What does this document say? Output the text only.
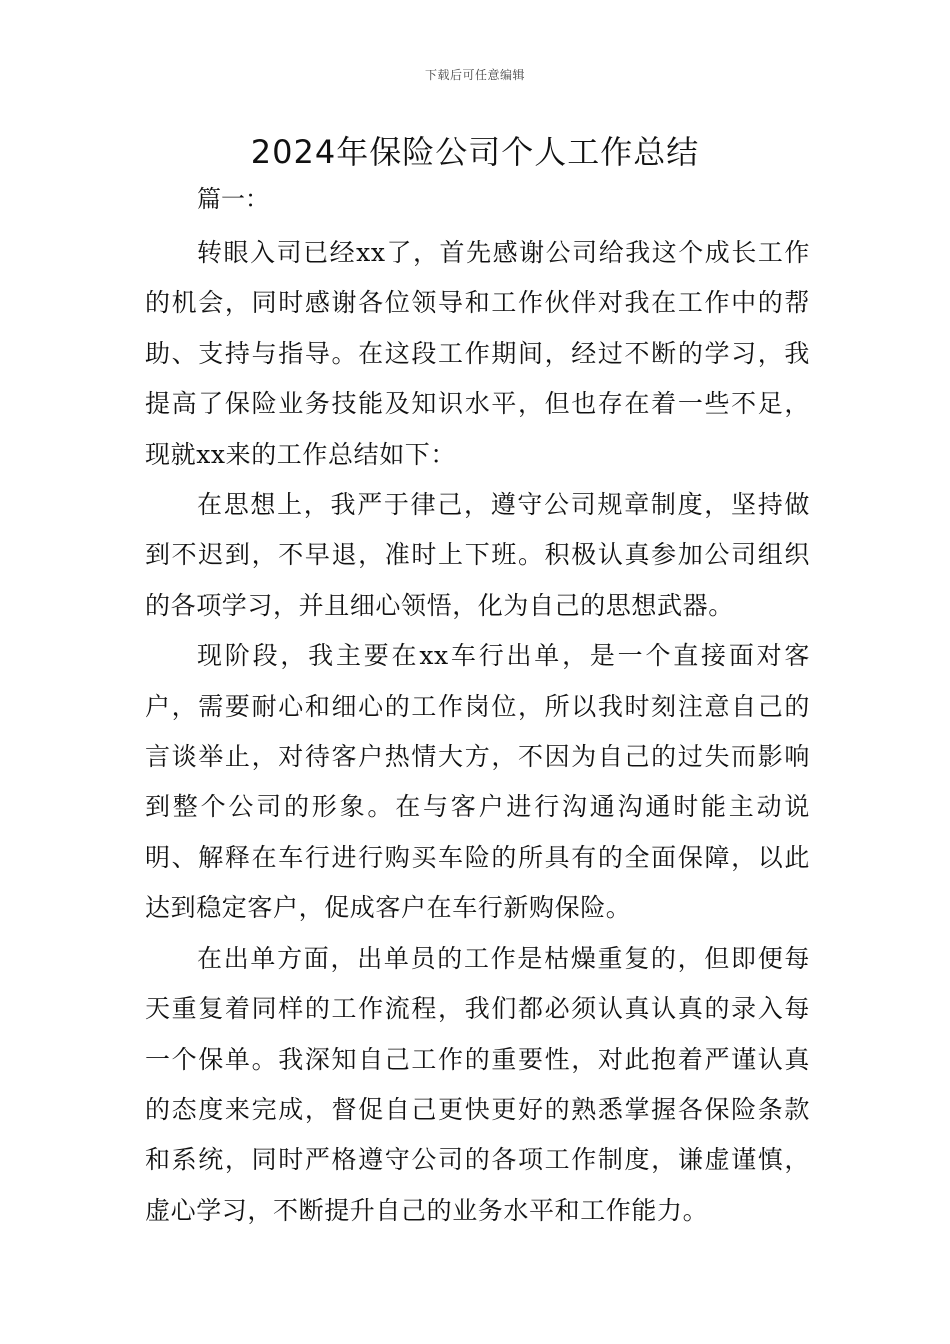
下载后可任意编辑
2024年保险公司个人工作总结
篇一：

转眼入司已经xx了，首先感谢公司给我这个成长工作的机会，同时感谢各位领导和工作伙伴对我在工作中的帮助、支持与指导。在这段工作期间，经过不断的学习，我提高了保险业务技能及知识水平，但也存在着一些不足，现就xx来的工作总结如下：

在思想上，我严于律己，遵守公司规章制度，坚持做到不迟到，不早退，准时上下班。积极认真参加公司组织的各项学习，并且细心领悟，化为自己的思想武器。

现阶段，我主要在xx车行出单，是一个直接面对客户，需要耐心和细心的工作岗位，所以我时刻注意自己的言谈举止，对待客户热情大方，不因为自己的过失而影响到整个公司的形象。在与客户进行沟通沟通时能主动说明、解释在车行进行购买车险的所具有的全面保障，以此达到稳定客户，促成客户在车行新购保险。

在出单方面，出单员的工作是枯燥重复的，但即便每天重复着同样的工作流程，我们都必须认真认真的录入每一个保单。我深知自己工作的重要性，对此抱着严谨认真的态度来完成，督促自己更快更好的熟悉掌握各保险条款和系统，同时严格遵守公司的各项工作制度，谦虚谨慎，虚心学习，不断提升自己的业务水平和工作能力。
